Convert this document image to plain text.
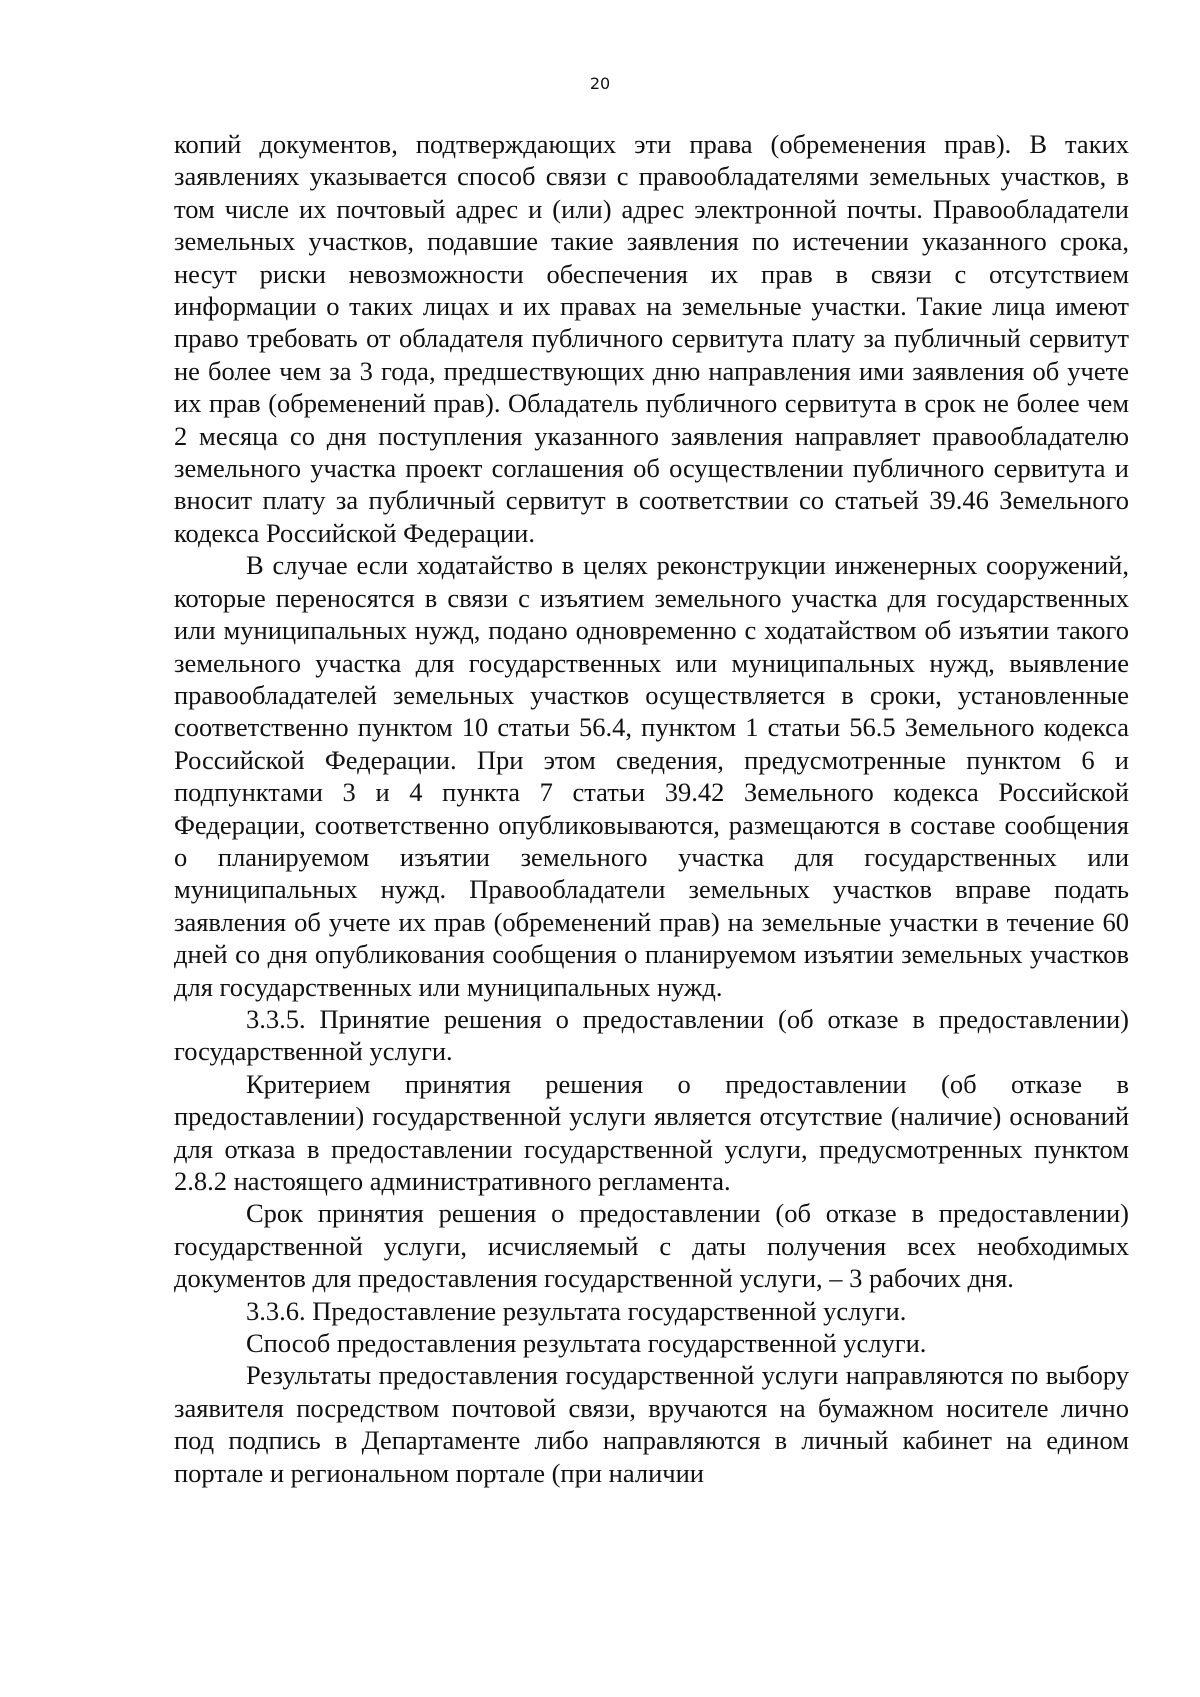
20

копий документов, подтверждающих эти права (обременения прав). В таких заявлениях указывается способ связи с правообладателями земельных участков, в том числе их почтовый адрес и (или) адрес электронной почты. Правообладатели земельных участков, подавшие такие заявления по истечении указанного срока, несут риски невозможности обеспечения их прав в связи с отсутствием информации о таких лицах и их правах на земельные участки. Такие лица имеют право требовать от обладателя публичного сервитута плату за публичный сервитут не более чем за 3 года, предшествующих дню направления ими заявления об учете их прав (обременений прав). Обладатель публичного сервитута в срок не более чем 2 месяца со дня поступления указанного заявления направляет правообладателю земельного участка проект соглашения об осуществлении публичного сервитута и вносит плату за публичный сервитут в соответствии со статьей 39.46 Земельного кодекса Российской Федерации.

В случае если ходатайство в целях реконструкции инженерных сооружений, которые переносятся в связи с изъятием земельного участка для государственных или муниципальных нужд, подано одновременно с ходатайством об изъятии такого земельного участка для государственных или муниципальных нужд, выявление правообладателей земельных участков осуществляется в сроки, установленные соответственно пунктом 10 статьи 56.4, пунктом 1 статьи 56.5 Земельного кодекса Российской Федерации. При этом сведения, предусмотренные пунктом 6 и подпунктами 3 и 4 пункта 7 статьи 39.42 Земельного кодекса Российской Федерации, соответственно опубликовываются, размещаются в составе сообщения о планируемом изъятии земельного участка для государственных или муниципальных нужд. Правообладатели земельных участков вправе подать заявления об учете их прав (обременений прав) на земельные участки в течение 60 дней со дня опубликования сообщения о планируемом изъятии земельных участков для государственных или муниципальных нужд.

3.3.5. Принятие решения о предоставлении (об отказе в предоставлении) государственной услуги.

Критерием принятия решения о предоставлении (об отказе в предоставлении) государственной услуги является отсутствие (наличие) оснований для отказа в предоставлении государственной услуги, предусмотренных пунктом 2.8.2 настоящего административного регламента.

Срок принятия решения о предоставлении (об отказе в предоставлении) государственной услуги, исчисляемый с даты получения всех необходимых документов для предоставления государственной услуги, – 3 рабочих дня.

3.3.6. Предоставление результата государственной услуги.

Способ предоставления результата государственной услуги.

Результаты предоставления государственной услуги направляются по выбору заявителя посредством почтовой связи, вручаются на бумажном носителе лично под подпись в Департаменте либо направляются в личный кабинет на едином портале и региональном портале (при наличии
